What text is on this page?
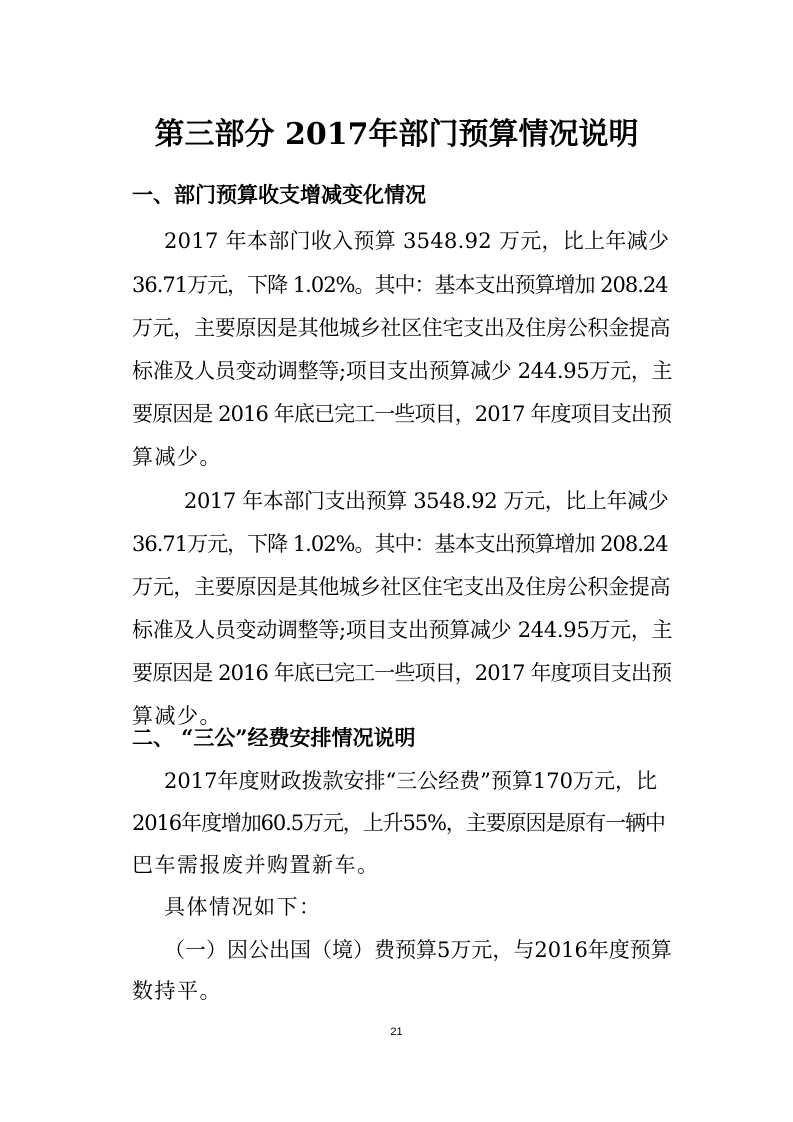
第三部分 2017年部门预算情况说明
一、部门预算收支增减变化情况
2017 年本部门收入预算 3548.92 万元，比上年减少
36.71万元，下降 1.02%。其中：基本支出预算增加 208.24
万元，主要原因是其他城乡社区住宅支出及住房公积金提高
标准及人员变动调整等;项目支出预算减少 244.95万元，主
要原因是 2016 年底已完工一些项目，2017 年度项目支出预
算减少。
2017 年本部门支出预算 3548.92 万元，比上年减少
36.71万元，下降 1.02%。其中：基本支出预算增加 208.24
万元，主要原因是其他城乡社区住宅支出及住房公积金提高
标准及人员变动调整等;项目支出预算减少 244.95万元，主
要原因是 2016 年底已完工一些项目，2017 年度项目支出预
算减少。
二、 “三公”经费安排情况说明
2017年度财政拨款安排“三公经费”预算170万元，比
2016年度增加60.5万元，上升55%，主要原因是原有一辆中
巴车需报废并购置新车。
具体情况如下：
（一）因公出国（境）费预算5万元，与2016年度预算
数持平。
21
